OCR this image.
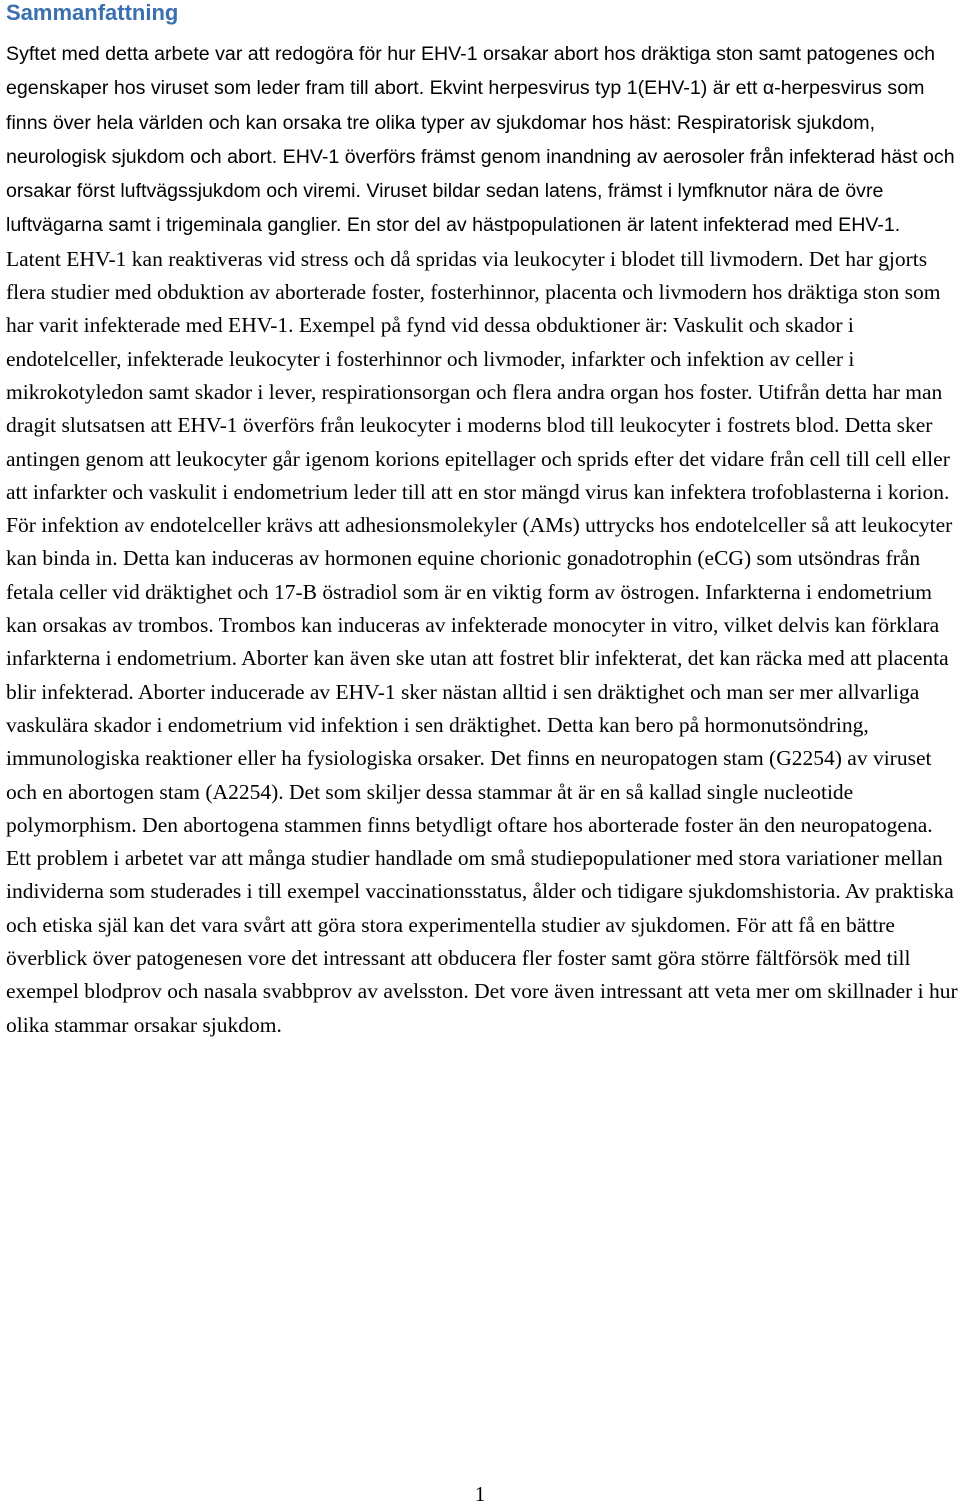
Sammanfattning

Syftet med detta arbete var att redogöra för hur EHV-1 orsakar abort hos dräktiga ston samt patogenes och egenskaper hos viruset som leder fram till abort. Ekvint herpesvirus typ 1(EHV-1) är ett α-herpesvirus som finns över hela världen och kan orsaka tre olika typer av sjukdomar hos häst: Respiratorisk sjukdom, neurologisk sjukdom och abort. EHV-1 överförs främst genom inandning av aerosoler från infekterad häst och orsakar först luftvägssjukdom och viremi. Viruset bildar sedan latens, främst i lymfknutor nära de övre luftvägarna samt i trigeminala ganglier. En stor del av hästpopulationen är latent infekterad med EHV-1. Latent EHV-1 kan reaktiveras vid stress och då spridas via leukocyter i blodet till livmodern. Det har gjorts flera studier med obduktion av aborterade foster, fosterhinnor, placenta och livmodern hos dräktiga ston som har varit infekterade med EHV-1. Exempel på fynd vid dessa obduktioner är: Vaskulit och skador i endotelceller, infekterade leukocyter i fosterhinnor och livmoder, infarkter och infektion av celler i mikrokotyledon samt skador i lever, respirationsorgan och flera andra organ hos foster. Utifrån detta har man dragit slutsatsen att EHV-1 överförs från leukocyter i moderns blod till leukocyter i fostrets blod. Detta sker antingen genom att leukocyter går igenom korions epitellager och sprids efter det vidare från cell till cell eller att infarkter och vaskulit i endometrium leder till att en stor mängd virus kan infektera trofoblasterna i korion. För infektion av endotelceller krävs att adhesionsmolekyler (AMs) uttrycks hos endotelceller så att leukocyter kan binda in. Detta kan induceras av hormonen equine chorionic gonadotrophin (eCG) som utsöndras från fetala celler vid dräktighet och 17-B östradiol som är en viktig form av östrogen. Infarkterna i endometrium kan orsakas av trombos. Trombos kan induceras av infekterade monocyter in vitro, vilket delvis kan förklara infarkterna i endometrium. Aborter kan även ske utan att fostret blir infekterat, det kan räcka med att placenta blir infekterad. Aborter inducerade av EHV-1 sker nästan alltid i sen dräktighet och man ser mer allvarliga vaskulära skador i endometrium vid infektion i sen dräktighet. Detta kan bero på hormonutsöndring, immunologiska reaktioner eller ha fysiologiska orsaker. Det finns en neuropatogen stam (G2254) av viruset och en abortogen stam (A2254). Det som skiljer dessa stammar åt är en så kallad single nucleotide polymorphism. Den abortogena stammen finns betydligt oftare hos aborterade foster än den neuropatogena. Ett problem i arbetet var att många studier handlade om små studiepopulationer med stora variationer mellan individerna som studerades i till exempel vaccinationsstatus, ålder och tidigare sjukdomshistoria. Av praktiska och etiska själ kan det vara svårt att göra stora experimentella studier av sjukdomen. För att få en bättre överblick över patogenesen vore det intressant att obducera fler foster samt göra större fältförsök med till exempel blodprov och nasala svabbprov av avelsston. Det vore även intressant att veta mer om skillnader i hur olika stammar orsakar sjukdom.

1
